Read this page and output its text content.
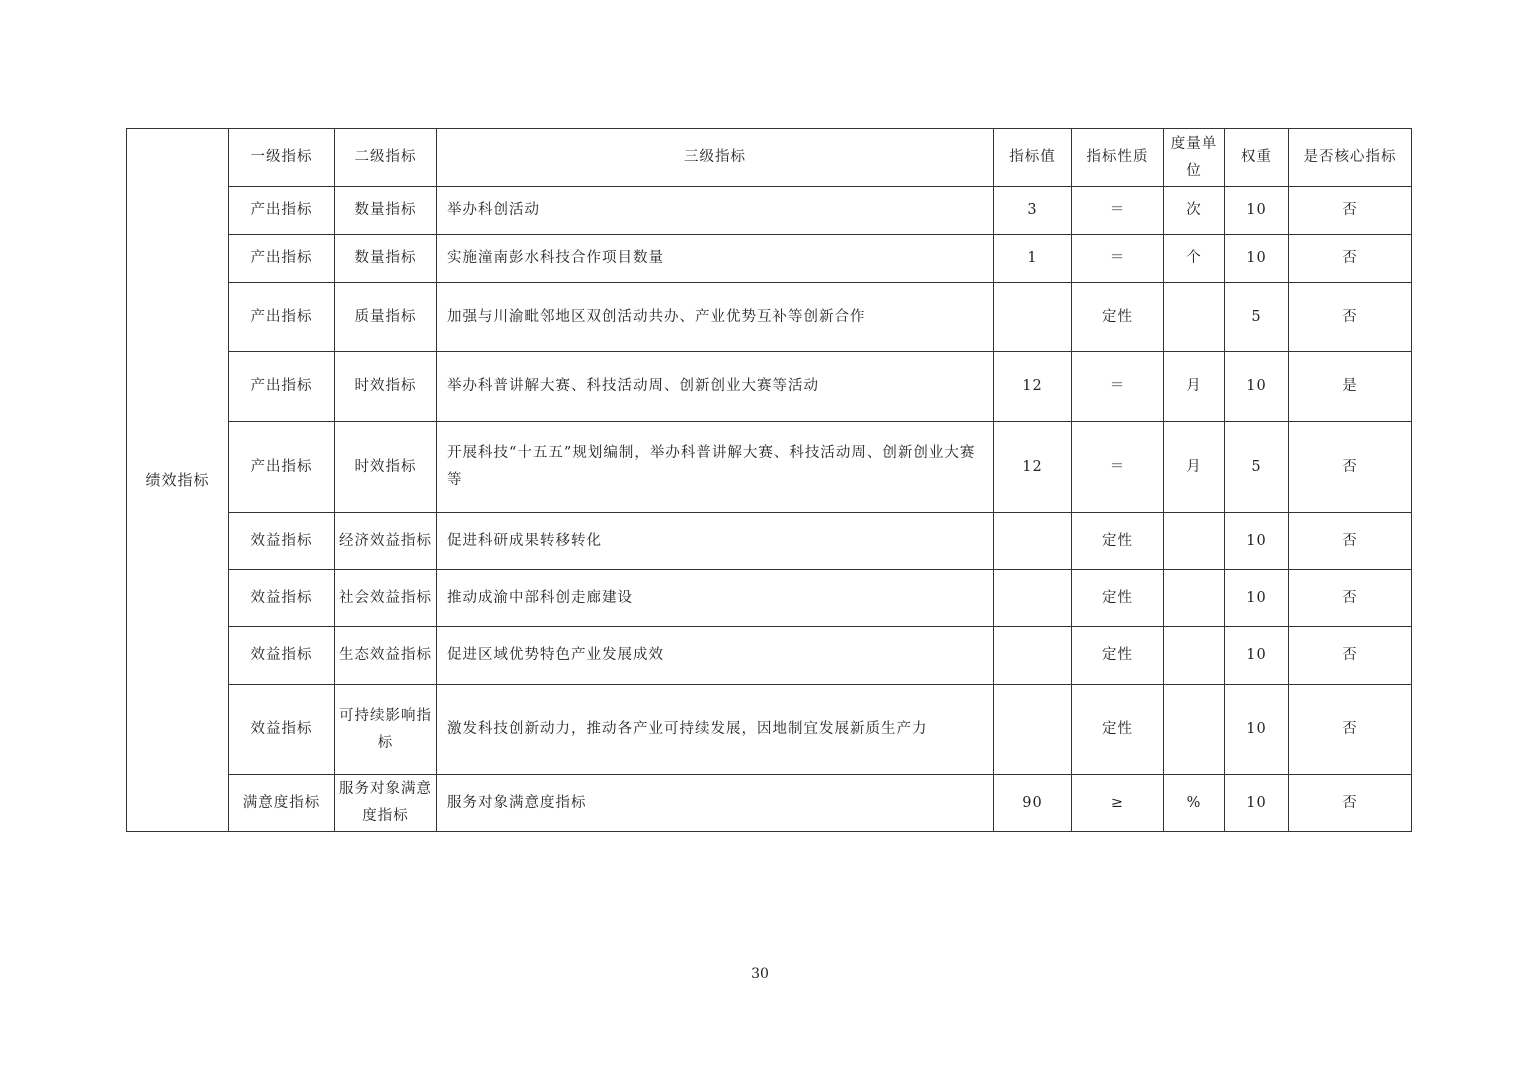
绩效指标	一级指标	二级指标	三级指标	指标值	指标性质	度量单位	权重	是否核心指标
	产出指标	数量指标	举办科创活动	3	＝	次	10	否
	产出指标	数量指标	实施潼南彭水科技合作项目数量	1	＝	个	10	否
	产出指标	质量指标	加强与川渝毗邻地区双创活动共办、产业优势互补等创新合作		定性		5	否
	产出指标	时效指标	举办科普讲解大赛、科技活动周、创新创业大赛等活动	12	＝	月	10	是
	产出指标	时效指标	开展科技“十五五”规划编制，举办科普讲解大赛、科技活动周、创新创业大赛等	12	＝	月	5	否
	效益指标	经济效益指标	促进科研成果转移转化		定性		10	否
	效益指标	社会效益指标	推动成渝中部科创走廊建设		定性		10	否
	效益指标	生态效益指标	促进区域优势特色产业发展成效		定性		10	否
	效益指标	可持续影响指标	激发科技创新动力，推动各产业可持续发展，因地制宜发展新质生产力		定性		10	否
	满意度指标	服务对象满意度指标	服务对象满意度指标	90	≥	%	10	否
30
